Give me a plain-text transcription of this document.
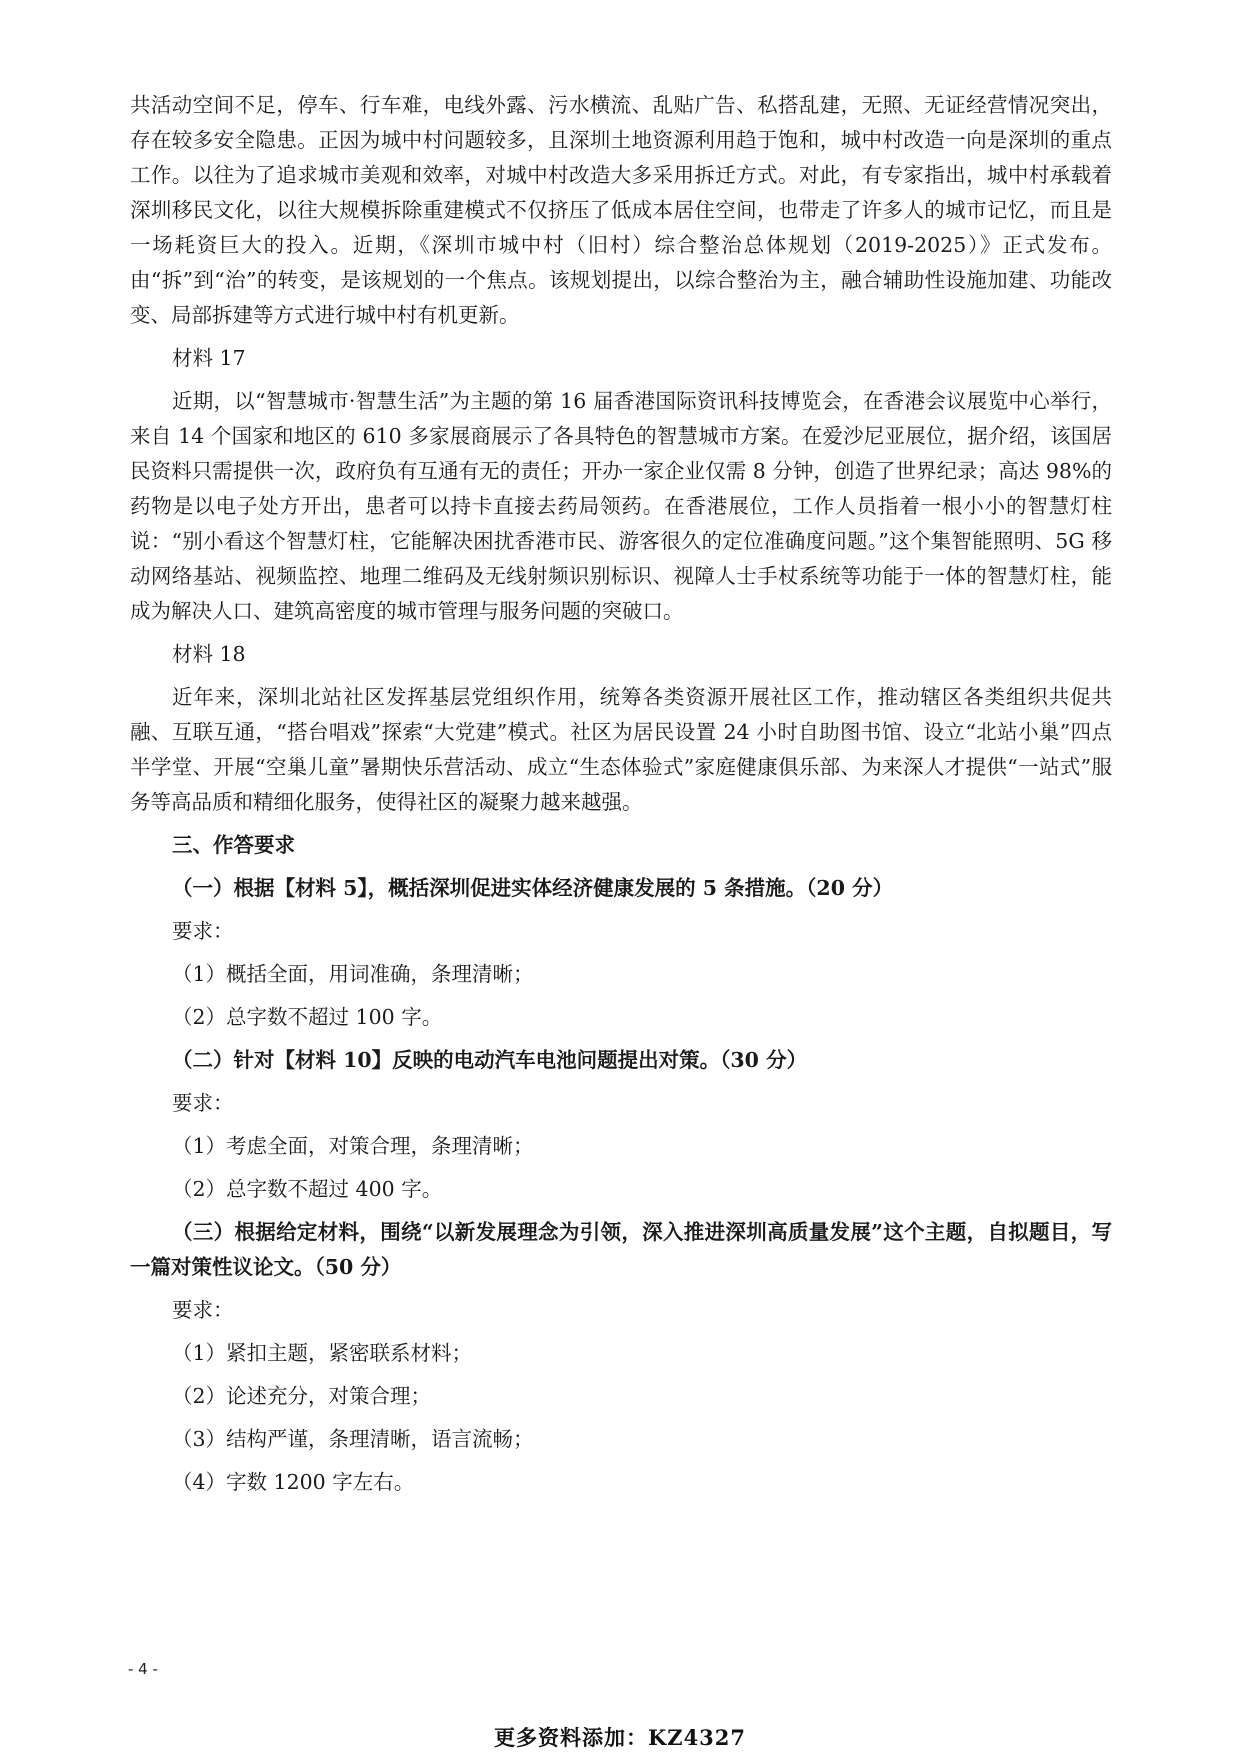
共活动空间不足，停车、行车难，电线外露、污水横流、乱贴广告、私搭乱建，无照、无证经营情况突出，存在较多安全隐患。正因为城中村问题较多，且深圳土地资源利用趋于饱和，城中村改造一向是深圳的重点工作。以往为了追求城市美观和效率，对城中村改造大多采用拆迁方式。对此，有专家指出，城中村承载着深圳移民文化，以往大规模拆除重建模式不仅挤压了低成本居住空间，也带走了许多人的城市记忆，而且是一场耗资巨大的投入。近期，《深圳市城中村（旧村）综合整治总体规划（2019-2025）》正式发布。由“拆”到“治”的转变，是该规划的一个焦点。该规划提出，以综合整治为主，融合辅助性设施加建、功能改变、局部拆建等方式进行城中村有机更新。

材料 17

近期，以“智慧城市·智慧生活”为主题的第 16 届香港国际资讯科技博览会，在香港会议展览中心举行，来自 14 个国家和地区的 610 多家展商展示了各具特色的智慧城市方案。在爱沙尼亚展位，据介绍，该国居民资料只需提供一次，政府负有互通有无的责任；开办一家企业仅需 8 分钟，创造了世界纪录；高达 98%的药物是以电子处方开出，患者可以持卡直接去药局领药。在香港展位，工作人员指着一根小小的智慧灯柱说：“别小看这个智慧灯柱，它能解决困扰香港市民、游客很久的定位准确度问题。”这个集智能照明、5G 移动网络基站、视频监控、地理二维码及无线射频识别标识、视障人士手杖系统等功能于一体的智慧灯柱，能成为解决人口、建筑高密度的城市管理与服务问题的突破口。

材料 18

近年来，深圳北站社区发挥基层党组织作用，统筹各类资源开展社区工作，推动辖区各类组织共促共融、互联互通，“搭台唱戏”探索“大党建”模式。社区为居民设置 24 小时自助图书馆、设立“北站小巢”四点半学堂、开展“空巢儿童”暑期快乐营活动、成立“生态体验式”家庭健康俱乐部、为来深人才提供“一站式”服务等高品质和精细化服务，使得社区的凝聚力越来越强。

三、作答要求

（一）根据【材料 5】，概括深圳促进实体经济健康发展的 5 条措施。（20 分）

要求：
（1）概括全面，用词准确，条理清晰；
（2）总字数不超过 100 字。

（二）针对【材料 10】反映的电动汽车电池问题提出对策。（30 分）

要求：
（1）考虑全面，对策合理，条理清晰；
（2）总字数不超过 400 字。

（三）根据给定材料，围绕“以新发展理念为引领，深入推进深圳高质量发展”这个主题，自拟题目，写一篇对策性议论文。（50 分）

要求：
（1）紧扣主题，紧密联系材料；
（2）论述充分，对策合理；
（3）结构严谨，条理清晰，语言流畅；
（4）字数 1200 字左右。
- 4 -
更多资料添加：KZ4327
